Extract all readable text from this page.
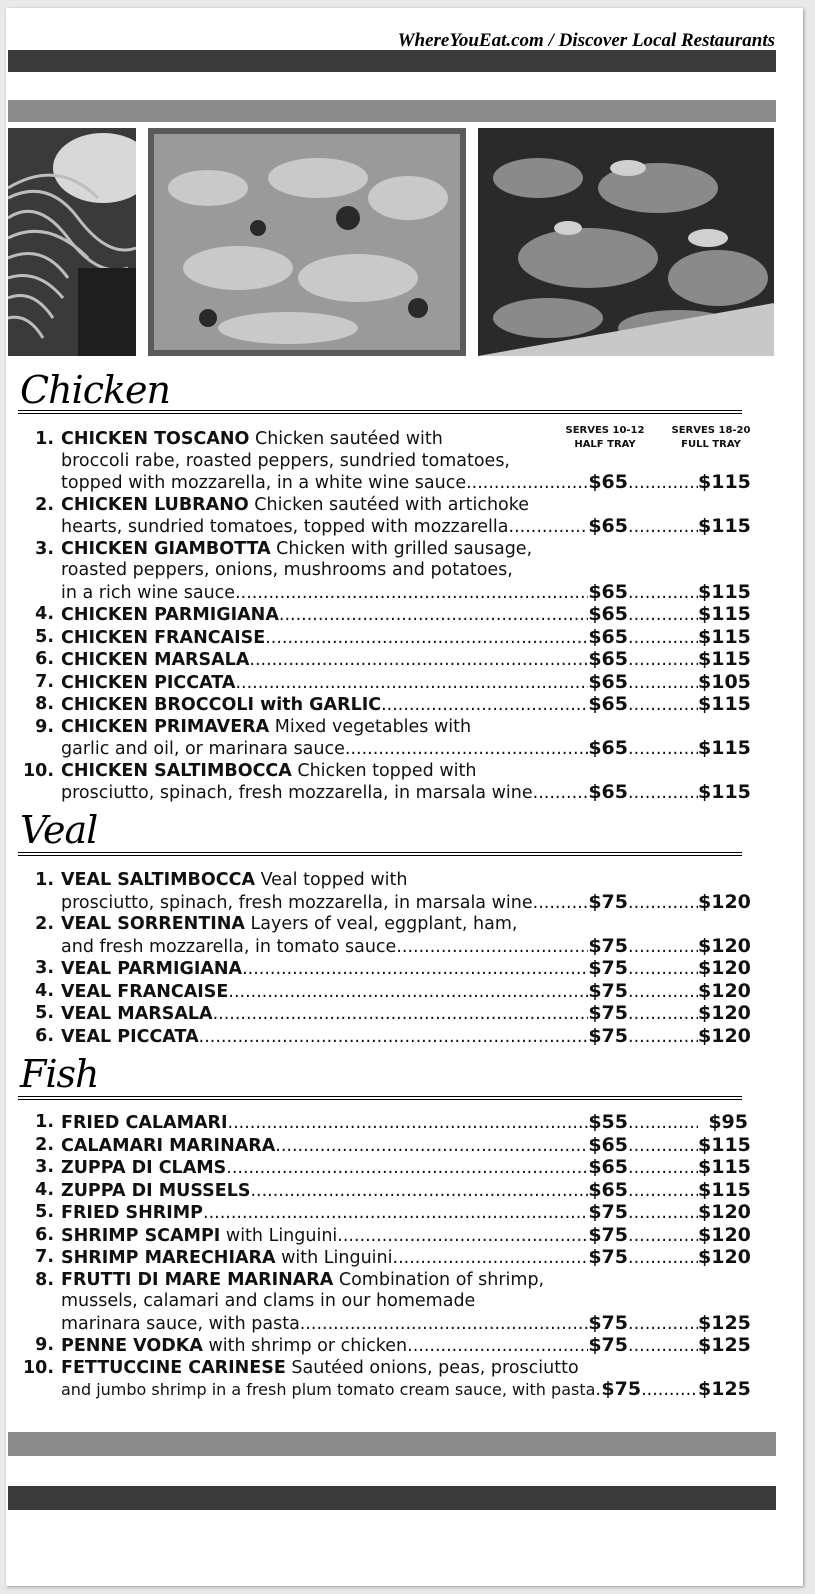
WhereYouEat.com / Discover Local Restaurants
SERVES 10-12
HALF TRAY
SERVES 18-20
FULL TRAY
Chicken
1. CHICKEN TOSCANO Chicken sautéed with
broccoli rabe, roasted peppers, sundried tomatoes,
topped with mozzarella, in a white wine sauce .....	$65 .....	$115
2. CHICKEN LUBRANO Chicken sautéed with artichoke
hearts, sundried tomatoes, topped with mozzarella .....	$65 .....	$115
3. CHICKEN GIAMBOTTA Chicken with grilled sausage,
roasted peppers, onions, mushrooms and potatoes,
in a rich wine sauce .....	$65 .....	$115
4. CHICKEN PARMIGIANA .....	$65 .....	$115
5. CHICKEN FRANCAISE .....	$65 .....	$115
6. CHICKEN MARSALA .....	$65 .....	$115
7. CHICKEN PICCATA .....	$65 .....	$105
8. CHICKEN BROCCOLI with GARLIC .....	$65 .....	$115
9. CHICKEN PRIMAVERA Mixed vegetables with
garlic and oil, or marinara sauce .....	$65 .....	$115
10. CHICKEN SALTIMBOCCA Chicken topped with
prosciutto, spinach, fresh mozzarella, in marsala wine .....	$65 .....	$115
Veal
1. VEAL SALTIMBOCCA Veal topped with
prosciutto, spinach, fresh mozzarella, in marsala wine .....	$75 .....	$120
2. VEAL SORRENTINA Layers of veal, eggplant, ham,
and fresh mozzarella, in tomato sauce .....	$75 .....	$120
3. VEAL PARMIGIANA .....	$75 .....	$120
4. VEAL FRANCAISE .....	$75 .....	$120
5. VEAL MARSALA .....	$75 .....	$120
6. VEAL PICCATA .....	$75 .....	$120
Fish
1. FRIED CALAMARI .....	$55 .....	$95
2. CALAMARI MARINARA .....	$65 .....	$115
3. ZUPPA DI CLAMS .....	$65 .....	$115
4. ZUPPA DI MUSSELS .....	$65 .....	$115
5. FRIED SHRIMP .....	$75 .....	$120
6. SHRIMP SCAMPI with Linguini .....	$75 .....	$120
7. SHRIMP MARECHIARA with Linguini .....	$75 .....	$120
8. FRUTTI DI MARE MARINARA Combination of shrimp,
mussels, calamari and clams in our homemade
marinara sauce, with pasta .....	$75 .....	$125
9. PENNE VODKA with shrimp or chicken .....	$75 .....	$125
10. FETTUCCINE CARINESE Sautéed onions, peas, prosciutto
and jumbo shrimp in a fresh plum tomato cream sauce, with pasta ..... $75 .....	$125
